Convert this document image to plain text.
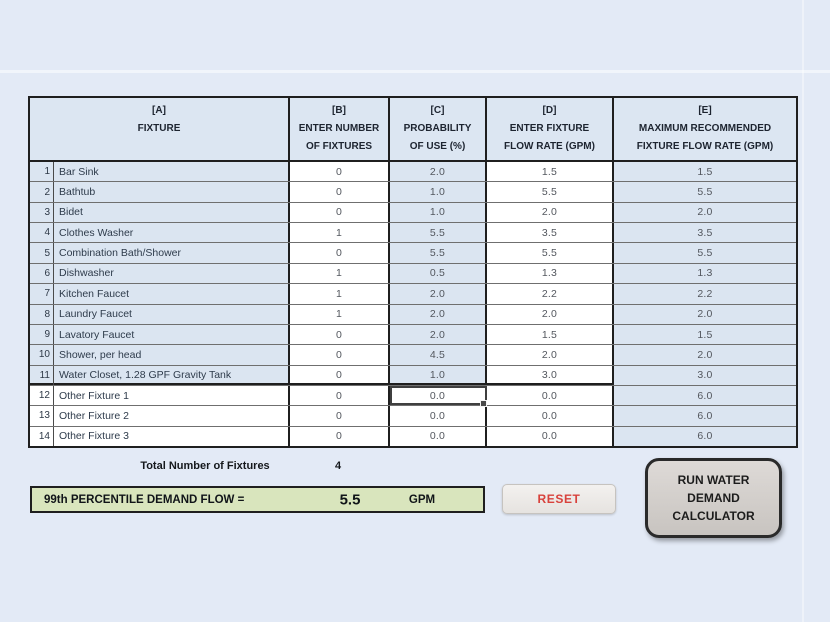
[A]
FIXTURE
[B]
ENTER NUMBER
OF FIXTURES
[C]
PROBABILITY
OF USE (%)
[D]
ENTER FIXTURE
FLOW RATE (GPM)
[E]
MAXIMUM RECOMMENDED
FIXTURE FLOW RATE (GPM)
1 Bar Sink	0	2.0	1.5	1.5
2 Bathtub	0	1.0	5.5	5.5
3 Bidet	0	1.0	2.0	2.0
4 Clothes Washer	1	5.5	3.5	3.5
5 Combination Bath/Shower	0	5.5	5.5	5.5
6 Dishwasher	1	0.5	1.3	1.3
7 Kitchen Faucet	1	2.0	2.2	2.2
8 Laundry Faucet	1	2.0	2.0	2.0
9 Lavatory Faucet	0	2.0	1.5	1.5
10 Shower, per head	0	4.5	2.0	2.0
11 Water Closet, 1.28 GPF Gravity Tank	0	1.0	3.0	3.0
12 Other Fixture 1	0	0.0	0.0	6.0
13 Other Fixture 2	0	0.0	0.0	6.0
14 Other Fixture 3	0	0.0	0.0	6.0
Total Number of Fixtures	4
99th PERCENTILE DEMAND FLOW =	5.5	GPM	RESET
RUN WATER
DEMAND
CALCULATOR
